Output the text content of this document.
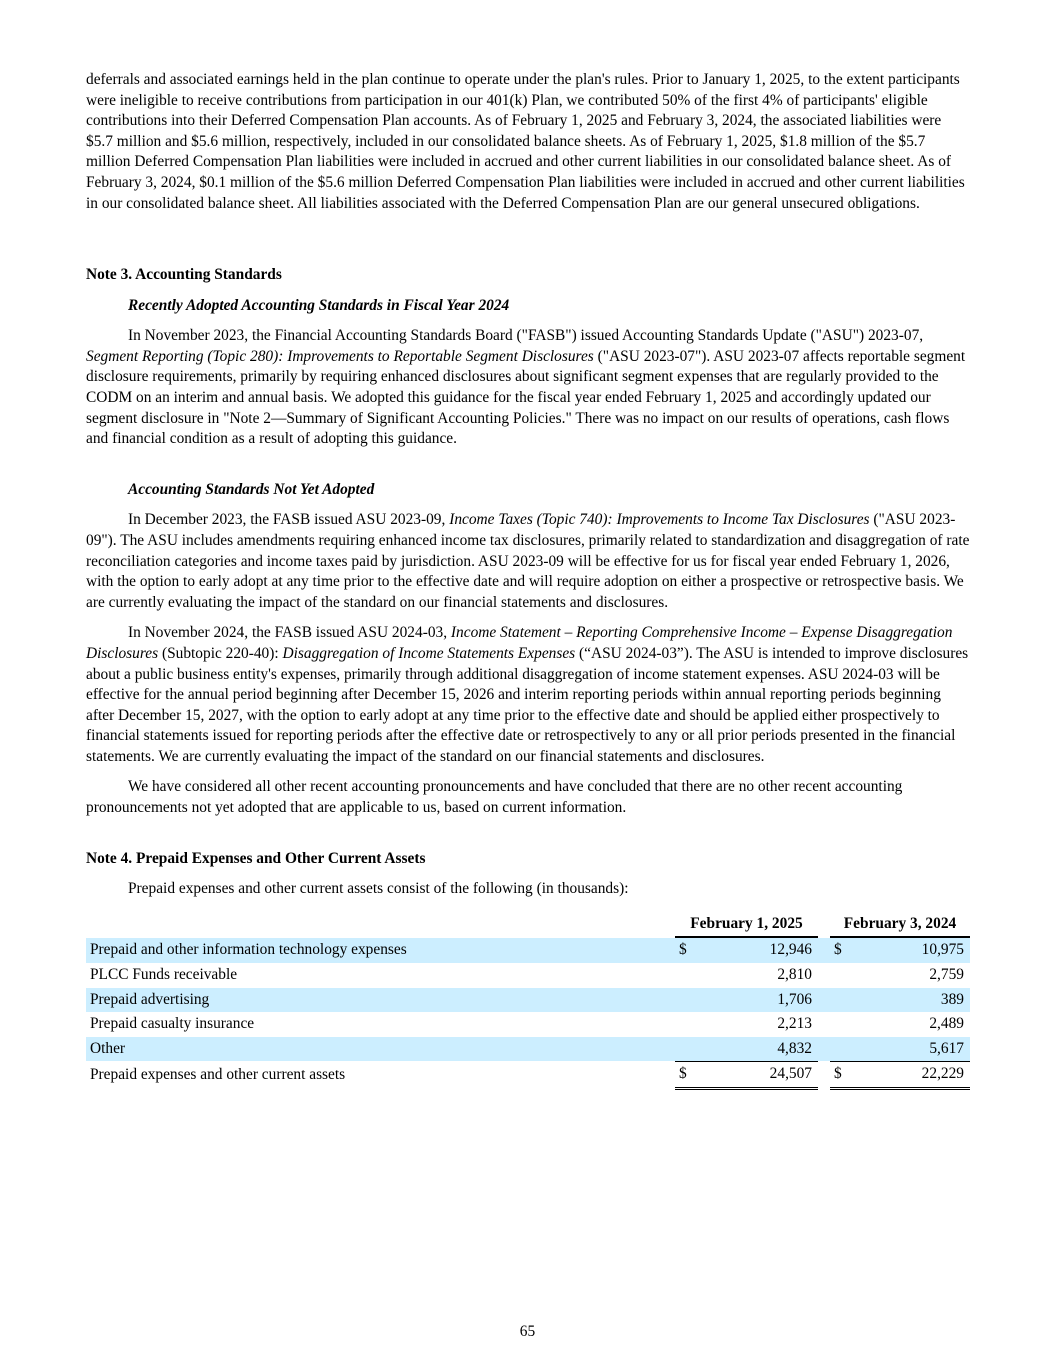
deferrals and associated earnings held in the plan continue to operate under the plan's rules. Prior to January 1, 2025, to the extent participants were ineligible to receive contributions from participation in our 401(k) Plan, we contributed 50% of the first 4% of participants' eligible contributions into their Deferred Compensation Plan accounts. As of February 1, 2025 and February 3, 2024, the associated liabilities were $5.7 million and $5.6 million, respectively, included in our consolidated balance sheets. As of February 1, 2025, $1.8 million of the $5.7 million Deferred Compensation Plan liabilities were included in accrued and other current liabilities in our consolidated balance sheet. As of February 3, 2024, $0.1 million of the $5.6 million Deferred Compensation Plan liabilities were included in accrued and other current liabilities in our consolidated balance sheet. All liabilities associated with the Deferred Compensation Plan are our general unsecured obligations.

Note 3. Accounting Standards

Recently Adopted Accounting Standards in Fiscal Year 2024

In November 2023, the Financial Accounting Standards Board ("FASB") issued Accounting Standards Update ("ASU") 2023-07, Segment Reporting (Topic 280): Improvements to Reportable Segment Disclosures ("ASU 2023-07"). ASU 2023-07 affects reportable segment disclosure requirements, primarily by requiring enhanced disclosures about significant segment expenses that are regularly provided to the CODM on an interim and annual basis. We adopted this guidance for the fiscal year ended February 1, 2025 and accordingly updated our segment disclosure in "Note 2—Summary of Significant Accounting Policies." There was no impact on our results of operations, cash flows and financial condition as a result of adopting this guidance.

Accounting Standards Not Yet Adopted

In December 2023, the FASB issued ASU 2023-09, Income Taxes (Topic 740): Improvements to Income Tax Disclosures ("ASU 2023-09"). The ASU includes amendments requiring enhanced income tax disclosures, primarily related to standardization and disaggregation of rate reconciliation categories and income taxes paid by jurisdiction. ASU 2023-09 will be effective for us for fiscal year ended February 1, 2026, with the option to early adopt at any time prior to the effective date and will require adoption on either a prospective or retrospective basis. We are currently evaluating the impact of the standard on our financial statements and disclosures.

In November 2024, the FASB issued ASU 2024-03, Income Statement – Reporting Comprehensive Income – Expense Disaggregation Disclosures (Subtopic 220-40): Disaggregation of Income Statements Expenses (“ASU 2024-03”). The ASU is intended to improve disclosures about a public business entity's expenses, primarily through additional disaggregation of income statement expenses. ASU 2024-03 will be effective for the annual period beginning after December 15, 2026 and interim reporting periods within annual reporting periods beginning after December 15, 2027, with the option to early adopt at any time prior to the effective date and should be applied either prospectively to financial statements issued for reporting periods after the effective date or retrospectively to any or all prior periods presented in the financial statements. We are currently evaluating the impact of the standard on our financial statements and disclosures.

We have considered all other recent accounting pronouncements and have concluded that there are no other recent accounting pronouncements not yet adopted that are applicable to us, based on current information.

Note 4. Prepaid Expenses and Other Current Assets

Prepaid expenses and other current assets consist of the following (in thousands):

	February 1, 2025			February 3, 2024	
Prepaid and other information technology expenses	$	12,946		$	10,975
PLCC Funds receivable		2,810			2,759
Prepaid advertising		1,706			389
Prepaid casualty insurance		2,213			2,489
Other		4,832			5,617
Prepaid expenses and other current assets	$	24,507		$	22,229
65
